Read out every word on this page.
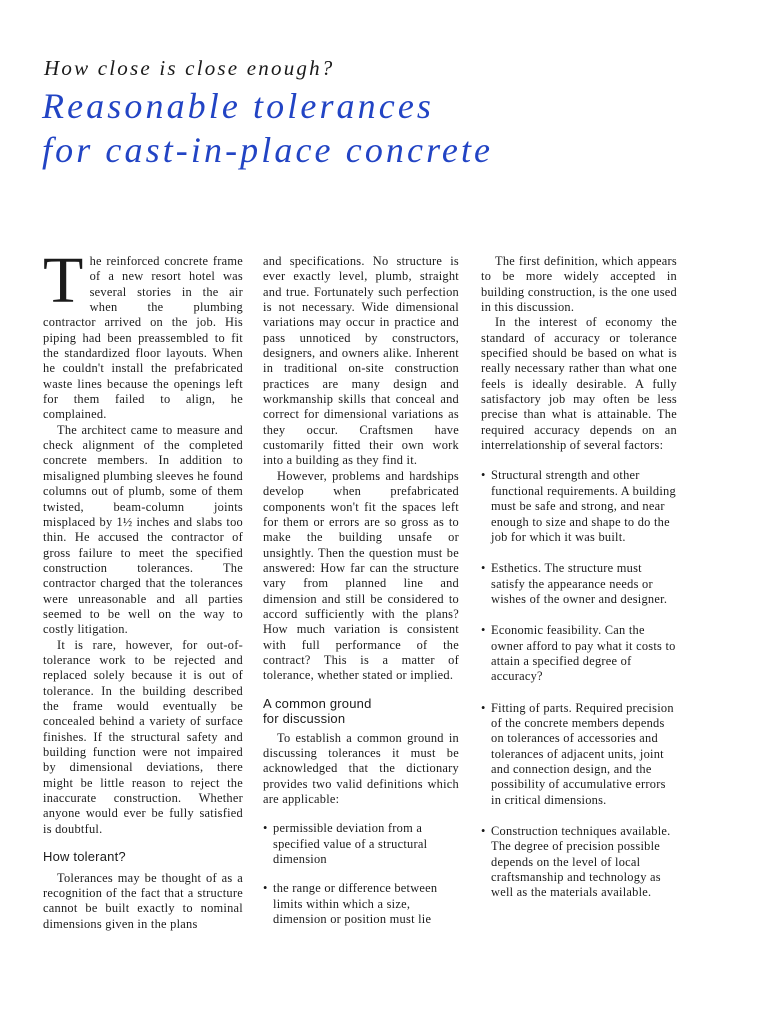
How close is close enough?
Reasonable tolerances
for cast-in-place concrete

The reinforced concrete frame of a new resort hotel was several stories in the air when the plumbing contractor arrived on the job. His piping had been preassembled to fit the standardized floor layouts. When he couldn't install the prefabricated waste lines because the openings left for them failed to align, he complained.

The architect came to measure and check alignment of the completed concrete members. In addition to misaligned plumbing sleeves he found columns out of plumb, some of them twisted, beam-column joints misplaced by 1½ inches and slabs too thin. He accused the contractor of gross failure to meet the specified construction tolerances. The contractor charged that the tolerances were unreasonable and all parties seemed to be well on the way to costly litigation.

It is rare, however, for out-of-tolerance work to be rejected and replaced solely because it is out of tolerance. In the building described the frame would eventually be concealed behind a variety of surface finishes. If the structural safety and building function were not impaired by dimensional deviations, there might be little reason to reject the inaccurate construction. Whether anyone would ever be fully satisfied is doubtful.

How tolerant?

Tolerances may be thought of as a recognition of the fact that a structure cannot be built exactly to nominal dimensions given in the plans

and specifications. No structure is ever exactly level, plumb, straight and true. Fortunately such perfection is not necessary. Wide dimensional variations may occur in practice and pass unnoticed by constructors, designers, and owners alike. Inherent in traditional on-site construction practices are many design and workmanship skills that conceal and correct for dimensional variations as they occur. Craftsmen have customarily fitted their own work into a building as they find it.

However, problems and hardships develop when prefabricated components won't fit the spaces left for them or errors are so gross as to make the building unsafe or unsightly. Then the question must be answered: How far can the structure vary from planned line and dimension and still be considered to accord sufficiently with the plans? How much variation is consistent with full performance of the contract? This is a matter of tolerance, whether stated or implied.

A common ground
for discussion

To establish a common ground in discussing tolerances it must be acknowledged that the dictionary provides two valid definitions which are applicable:

• permissible deviation from a specified value of a structural dimension
• the range or difference between limits within which a size, dimension or position must lie

The first definition, which appears to be more widely accepted in building construction, is the one used in this discussion.

In the interest of economy the standard of accuracy or tolerance specified should be based on what is really necessary rather than what one feels is ideally desirable. A fully satisfactory job may often be less precise than what is attainable. The required accuracy depends on an interrelationship of several factors:

• Structural strength and other functional requirements. A building must be safe and strong, and near enough to size and shape to do the job for which it was built.
• Esthetics. The structure must satisfy the appearance needs or wishes of the owner and designer.
• Economic feasibility. Can the owner afford to pay what it costs to attain a specified degree of accuracy?
• Fitting of parts. Required precision of the concrete members depends on tolerances of accessories and tolerances of adjacent units, joint and connection design, and the possibility of accumulative errors in critical dimensions.
• Construction techniques available. The degree of precision possible depends on the level of local craftsmanship and technology as well as the materials available.
